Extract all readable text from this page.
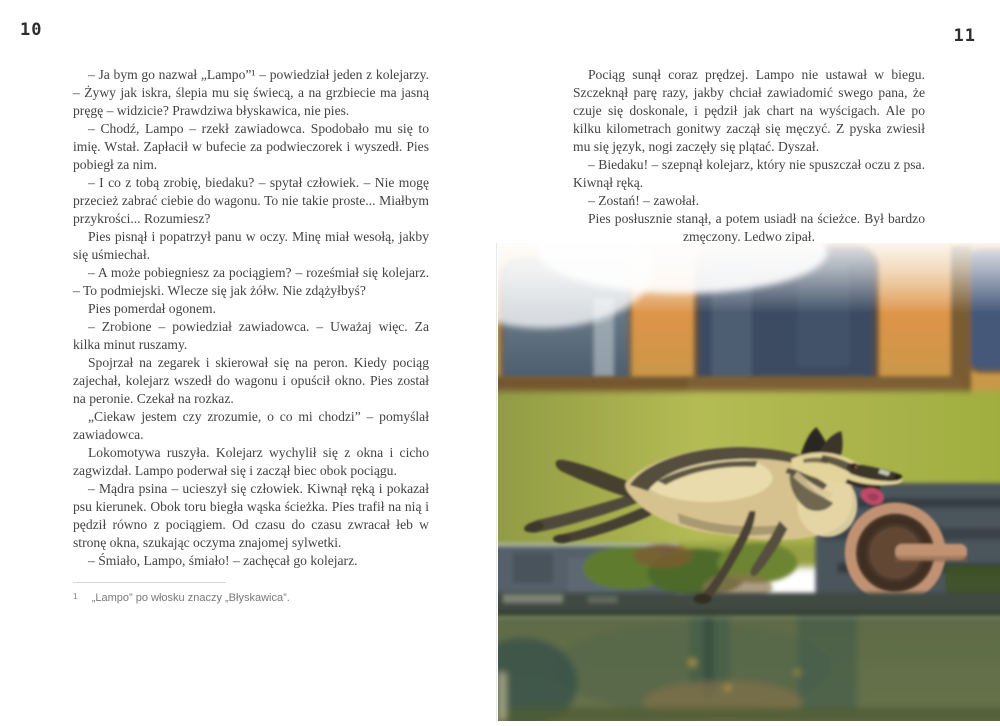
10

– Ja bym go nazwał „Lampo”¹ – powiedział jeden z kolejarzy. – Żywy jak iskra, ślepia mu się świecą, a na grzbiecie ma jasną pręgę – widzicie? Prawdziwa błyskawica, nie pies.

– Chodź, Lampo – rzekł zawiadowca. Spodobało mu się to imię. Wstał. Zapłacił w bufecie za podwieczorek i wyszedł. Pies pobiegł za nim.

– I co z tobą zrobię, biedaku? – spytał człowiek. – Nie mogę przecież zabrać ciebie do wagonu. To nie takie proste... Miałbym przykrości... Rozumiesz?

Pies pisnął i popatrzył panu w oczy. Minę miał wesołą, jakby się uśmiechał.

– A może pobiegniesz za pociągiem? – roześmiał się kolejarz. – To podmiejski. Wlecze się jak żółw. Nie zdążyłbyś?

Pies pomerdał ogonem.

– Zrobione – powiedział zawiadowca. – Uważaj więc. Za kilka minut ruszamy.

Spojrzał na zegarek i skierował się na peron. Kiedy pociąg zajechał, kolejarz wszedł do wagonu i opuścił okno. Pies został na peronie. Czekał na rozkaz.

„Ciekaw jestem czy zrozumie, o co mi chodzi” – pomyślał zawiadowca.

Lokomotywa ruszyła. Kolejarz wychylił się z okna i cicho zagwizdał. Lampo poderwał się i zaczął biec obok pociągu.

– Mądra psina – ucieszył się człowiek. Kiwnął ręką i pokazał psu kierunek. Obok toru biegła wąska ścieżka. Pies trafił na nią i pędził równo z pociągiem. Od czasu do czasu zwracał łeb w stronę okna, szukając oczyma znajomej sylwetki.

– Śmiało, Lampo, śmiało! – zachęcał go kolejarz.

$^1$ „Lampo” po włosku znaczy „Błyskawica”.
11

Pociąg sunął coraz prędzej. Lampo nie ustawał w biegu. Szczeknął parę razy, jakby chciał zawiadomić swego pana, że czuje się doskonale, i pędził jak chart na wyścigach. Ale po kilku kilometrach gonitwy zaczął się męczyć. Z pyska zwiesił mu się język, nogi zaczęły się plątać. Dyszał.

– Biedaku! – szepnął kolejarz, który nie spuszczał oczu z psa. Kiwnął ręką.

– Zostań! – zawołał.

Pies posłusznie stanął, a potem usiadł na ścieżce. Był bardzo zmęczony. Ledwo zipał.
